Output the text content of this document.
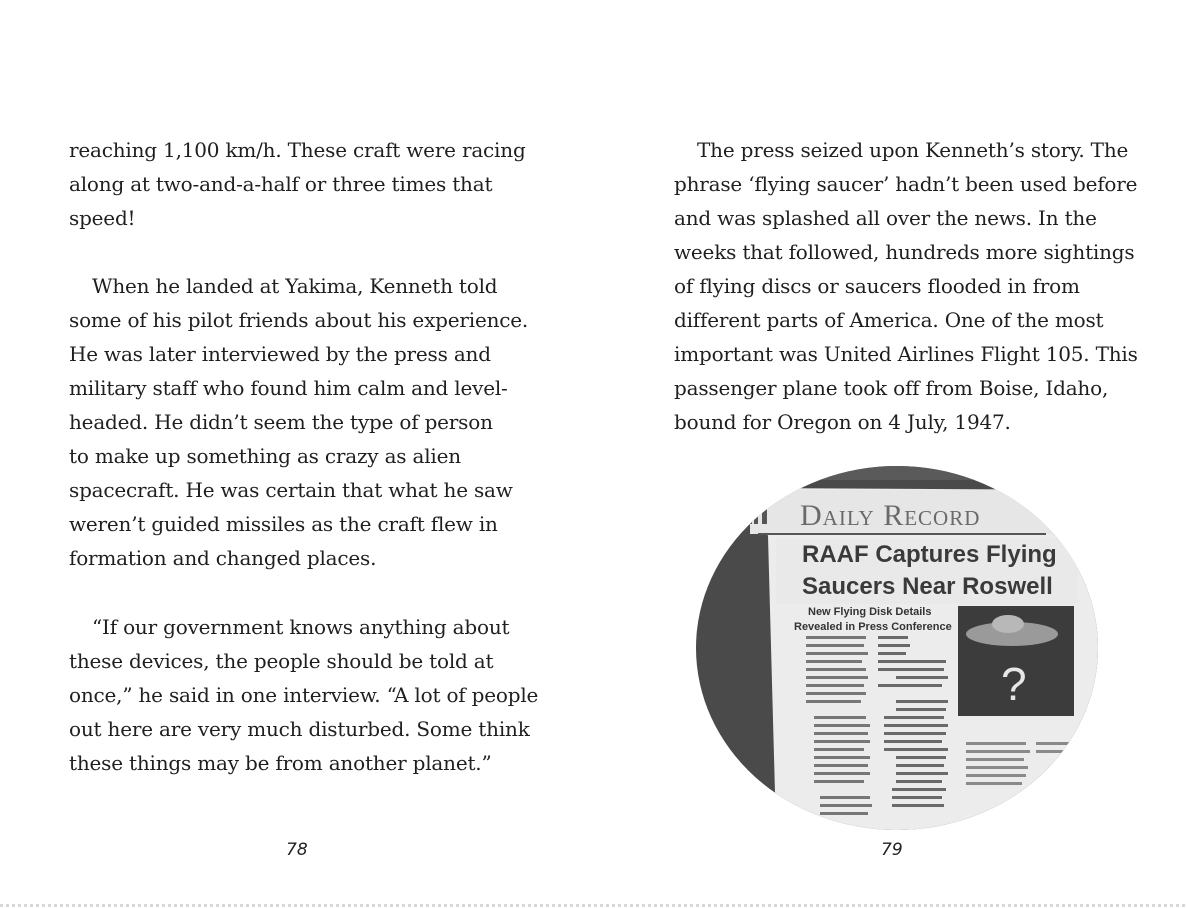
reaching 1,100 km/h. These craft were racing
along at two-and-a-half or three times that
speed!
When he landed at Yakima, Kenneth told
some of his pilot friends about his experience.
He was later interviewed by the press and
military staff who found him calm and level-
headed. He didn’t seem the type of person
to make up something as crazy as alien
spacecraft. He was certain that what he saw
weren’t guided missiles as the craft flew in
formation and changed places.
“If our government knows anything about
these devices, the people should be told at
once,” he said in one interview. “A lot of people
out here are very much disturbed. Some think
these things may be from another planet.”
78
The press seized upon Kenneth’s story. The
phrase ‘flying saucer’ hadn’t been used before
and was splashed all over the news. In the
weeks that followed, hundreds more sightings
of flying discs or saucers flooded in from
different parts of America. One of the most
important was United Airlines Flight 105. This
passenger plane took off from Boise, Idaho,
bound for Oregon on 4 July, 1947.
79
Daily Record
RAAF Captures Flying
Saucers Near Roswell
New Flying Disk Details
Revealed in Press Conference
?
